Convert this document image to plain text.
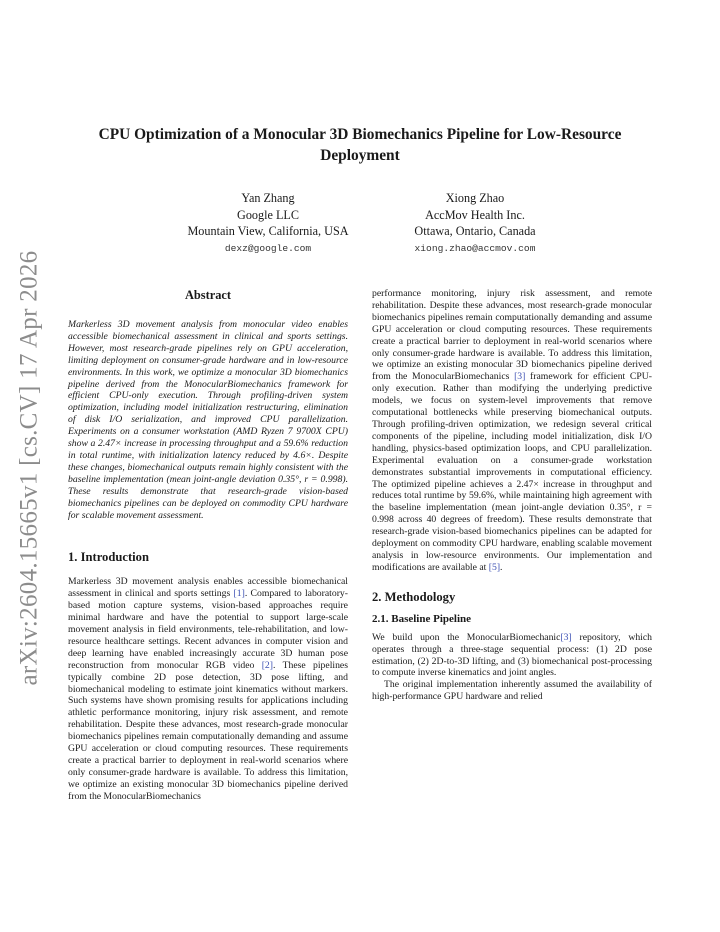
arXiv:2604.15665v1 [cs.CV] 17 Apr 2026
CPU Optimization of a Monocular 3D Biomechanics Pipeline for Low-Resource Deployment
Yan Zhang
Google LLC
Mountain View, California, USA
dexz@google.com
Xiong Zhao
AccMov Health Inc.
Ottawa, Ontario, Canada
xiong.zhao@accmov.com
Abstract

Markerless 3D movement analysis from monocular video enables accessible biomechanical assessment in clinical and sports settings. However, most research-grade pipelines rely on GPU acceleration, limiting deployment on consumer-grade hardware and in low-resource environments. In this work, we optimize a monocular 3D biomechanics pipeline derived from the MonocularBiomechanics framework for efficient CPU-only execution. Through profiling-driven system optimization, including model initialization restructuring, elimination of disk I/O serialization, and improved CPU parallelization. Experiments on a consumer workstation (AMD Ryzen 7 9700X CPU) show a 2.47× increase in processing throughput and a 59.6% reduction in total runtime, with initialization latency reduced by 4.6×. Despite these changes, biomechanical outputs remain highly consistent with the baseline implementation (mean joint-angle deviation 0.35°, r = 0.998). These results demonstrate that research-grade vision-based biomechanics pipelines can be deployed on commodity CPU hardware for scalable movement assessment.

1. Introduction

Markerless 3D movement analysis enables accessible biomechanical assessment in clinical and sports settings [1]. Compared to laboratory-based motion capture systems, vision-based approaches require minimal hardware and have the potential to support large-scale movement analysis in field environments, tele-rehabilitation, and low-resource healthcare settings. Recent advances in computer vision and deep learning have enabled increasingly accurate 3D human pose reconstruction from monocular RGB video [2]. These pipelines typically combine 2D pose detection, 3D pose lifting, and biomechanical modeling to estimate joint kinematics without markers. Such systems have shown promising results for applications including athletic performance monitoring, injury risk assessment, and remote rehabilitation. Despite these advances, most research-grade monocular biomechanics pipelines remain computationally demanding and assume GPU acceleration or cloud computing resources. These requirements create a practical barrier to deployment in real-world scenarios where only consumer-grade hardware is available. To address this limitation, we optimize an existing monocular 3D biomechanics pipeline derived from the MonocularBiomechanics

performance monitoring, injury risk assessment, and remote rehabilitation. Despite these advances, most research-grade monocular biomechanics pipelines remain computationally demanding and assume GPU acceleration or cloud computing resources. These requirements create a practical barrier to deployment in real-world scenarios where only consumer-grade hardware is available. To address this limitation, we optimize an existing monocular 3D biomechanics pipeline derived from the MonocularBiomechanics [3] framework for efficient CPU-only execution. Rather than modifying the underlying predictive models, we focus on system-level improvements that remove computational bottlenecks while preserving biomechanical outputs. Through profiling-driven optimization, we redesign several critical components of the pipeline, including model initialization, disk I/O handling, physics-based optimization loops, and CPU parallelization. Experimental evaluation on a consumer-grade workstation demonstrates substantial improvements in computational efficiency. The optimized pipeline achieves a 2.47× increase in throughput and reduces total runtime by 59.6%, while maintaining high agreement with the baseline implementation (mean joint-angle deviation 0.35°, r = 0.998 across 40 degrees of freedom). These results demonstrate that research-grade vision-based biomechanics pipelines can be adapted for deployment on commodity CPU hardware, enabling scalable movement analysis in low-resource environments. Our implementation and modifications are available at [5].

2. Methodology
2.1. Baseline Pipeline

We build upon the MonocularBiomechanic[3] repository, which operates through a three-stage sequential process: (1) 2D pose estimation, (2) 2D-to-3D lifting, and (3) biomechanical post-processing to compute inverse kinematics and joint angles.

The original implementation inherently assumed the availability of high-performance GPU hardware and relied
